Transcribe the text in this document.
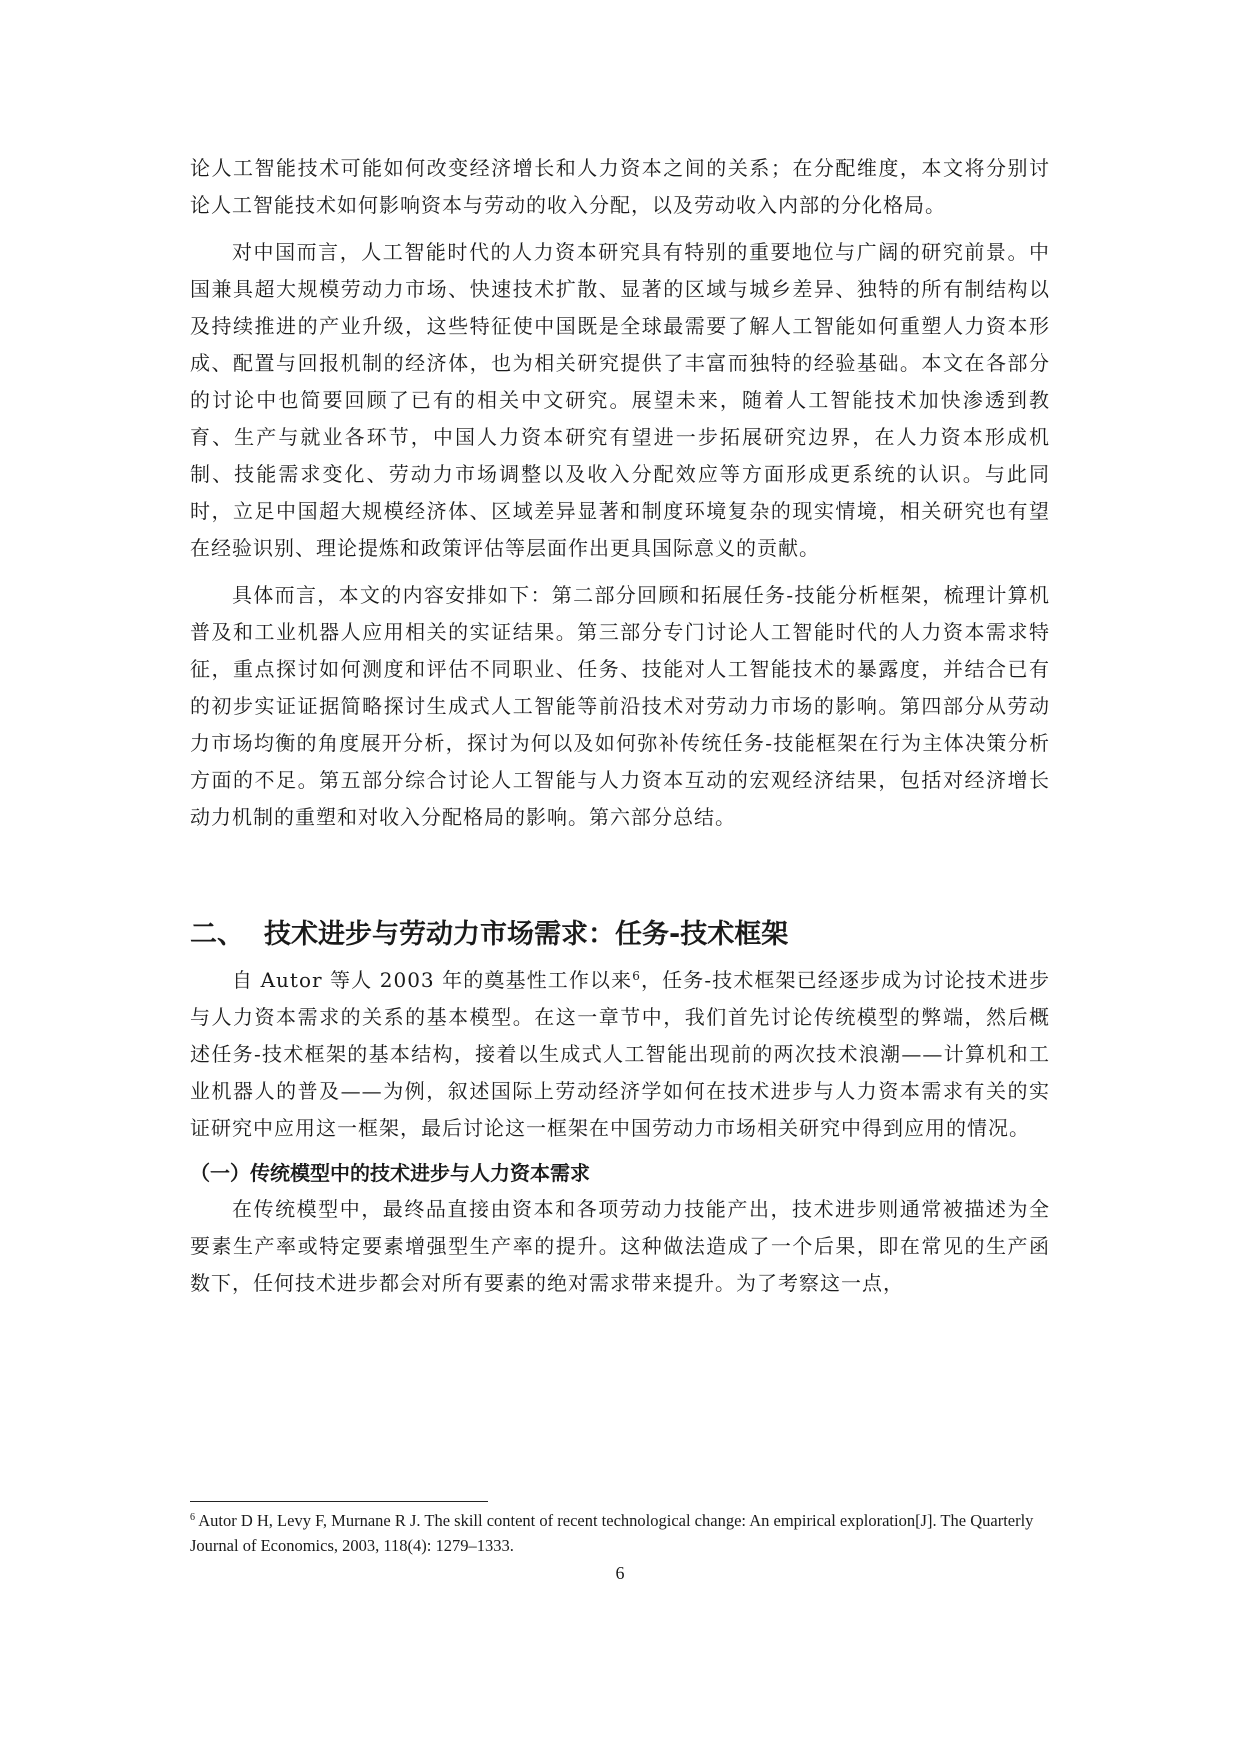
论人工智能技术可能如何改变经济增长和人力资本之间的关系；在分配维度，本文将分别讨论人工智能技术如何影响资本与劳动的收入分配，以及劳动收入内部的分化格局。

对中国而言，人工智能时代的人力资本研究具有特别的重要地位与广阔的研究前景。中国兼具超大规模劳动力市场、快速技术扩散、显著的区域与城乡差异、独特的所有制结构以及持续推进的产业升级，这些特征使中国既是全球最需要了解人工智能如何重塑人力资本形成、配置与回报机制的经济体，也为相关研究提供了丰富而独特的经验基础。本文在各部分的讨论中也简要回顾了已有的相关中文研究。展望未来，随着人工智能技术加快渗透到教育、生产与就业各环节，中国人力资本研究有望进一步拓展研究边界，在人力资本形成机制、技能需求变化、劳动力市场调整以及收入分配效应等方面形成更系统的认识。与此同时，立足中国超大规模经济体、区域差异显著和制度环境复杂的现实情境，相关研究也有望在经验识别、理论提炼和政策评估等层面作出更具国际意义的贡献。

具体而言，本文的内容安排如下：第二部分回顾和拓展任务-技能分析框架，梳理计算机普及和工业机器人应用相关的实证结果。第三部分专门讨论人工智能时代的人力资本需求特征，重点探讨如何测度和评估不同职业、任务、技能对人工智能技术的暴露度，并结合已有的初步实证证据简略探讨生成式人工智能等前沿技术对劳动力市场的影响。第四部分从劳动力市场均衡的角度展开分析，探讨为何以及如何弥补传统任务-技能框架在行为主体决策分析方面的不足。第五部分综合讨论人工智能与人力资本互动的宏观经济结果，包括对经济增长动力机制的重塑和对收入分配格局的影响。第六部分总结。

二、 技术进步与劳动力市场需求：任务-技术框架

自 Autor 等人 2003 年的奠基性工作以来$^6$，任务-技术框架已经逐步成为讨论技术进步与人力资本需求的关系的基本模型。在这一章节中，我们首先讨论传统模型的弊端，然后概述任务-技术框架的基本结构，接着以生成式人工智能出现前的两次技术浪潮——计算机和工业机器人的普及——为例，叙述国际上劳动经济学如何在技术进步与人力资本需求有关的实证研究中应用这一框架，最后讨论这一框架在中国劳动力市场相关研究中得到应用的情况。

（一）传统模型中的技术进步与人力资本需求

在传统模型中，最终品直接由资本和各项劳动力技能产出，技术进步则通常被描述为全要素生产率或特定要素增强型生产率的提升。这种做法造成了一个后果，即在常见的生产函数下，任何技术进步都会对所有要素的绝对需求带来提升。为了考察这一点，

$^6$ Autor D H, Levy F, Murnane R J. The skill content of recent technological change: An empirical exploration[J]. The Quarterly Journal of Economics, 2003, 118(4): 1279–1333.
6
